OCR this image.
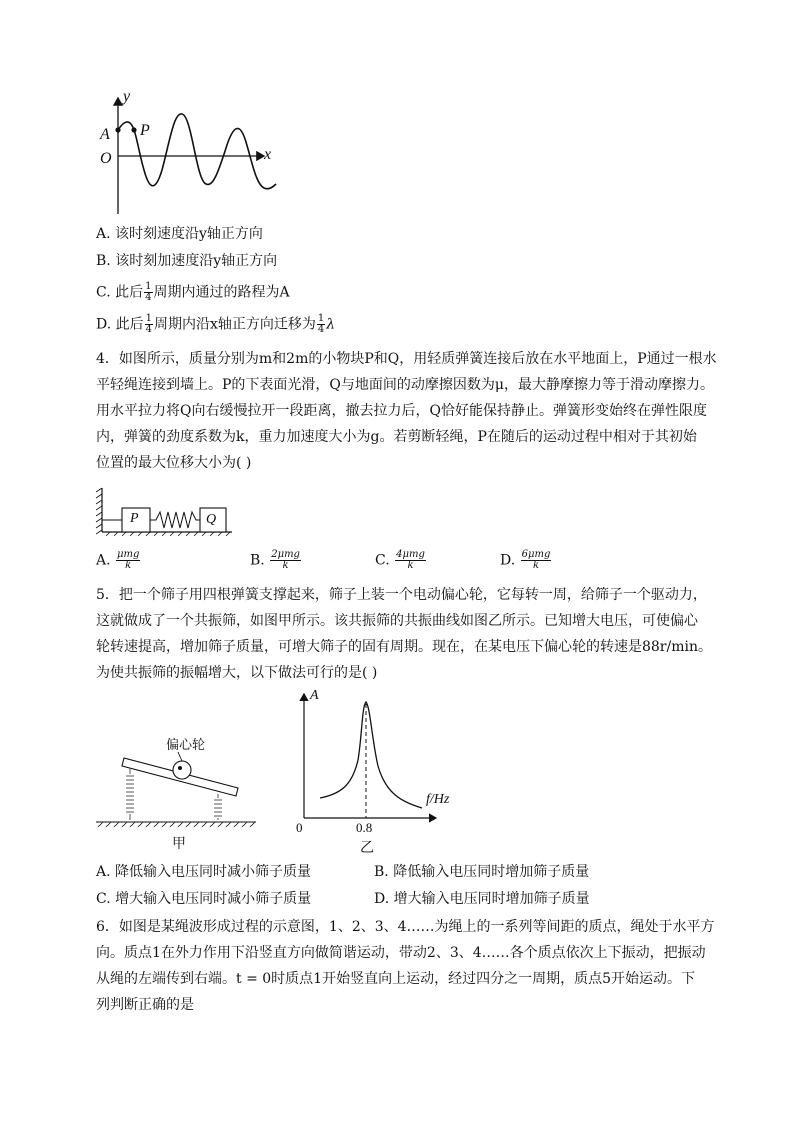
y
x
O
A P
A. 该时刻速度沿y轴正方向
B. 该时刻加速度沿y轴正方向
C. 此后 $\frac{1}{4}$ 周期内通过的路程为A
D. 此后 $\frac{1}{4}$ 周期内沿x轴正方向迁移为 $\frac{1}{4}$ λ
4．如图所示，质量分别为m和2m的小物块P和Q，用轻质弹簧连接后放在水平地面上，P通过一根水
平轻绳连接到墙上。P的下表面光滑，Q与地面间的动摩擦因数为μ，最大静摩擦力等于滑动摩擦力。
用水平拉力将Q向右缓慢拉开一段距离，撤去拉力后，Q恰好能保持静止。弹簧形变始终在弹性限度
内，弹簧的劲度系数为k，重力加速度大小为g。若剪断轻绳，P在随后的运动过程中相对于其初始
位置的最大位移大小为( )
P	Q
A. $\frac{\text{μmg}}{k}$	B. $\frac{\text{2μmg}}{k}$	C. $\frac{\text{4μmg}}{k}$	D. $\frac{\text{6μmg}}{k}$
5．把一个筛子用四根弹簧支撑起来，筛子上装一个电动偏心轮，它每转一周，给筛子一个驱动力，
这就做成了一个共振筛，如图甲所示。该共振筛的共振曲线如图乙所示。已知增大电压，可使偏心
轮转速提高，增加筛子质量，可增大筛子的固有周期。现在，在某电压下偏心轮的转速是88r/min。
为使共振筛的振幅增大，以下做法可行的是( )
偏心轮
甲
A
f/Hz
0	0.8
乙
A. 降低输入电压同时减小筛子质量	B. 降低输入电压同时增加筛子质量
C. 增大输入电压同时减小筛子质量	D. 增大输入电压同时增加筛子质量
6．如图是某绳波形成过程的示意图，1、2、3、4……为绳上的一系列等间距的质点，绳处于水平方
向。质点1在外力作用下沿竖直方向做简谐运动，带动2、3、4……各个质点依次上下振动，把振动
从绳的左端传到右端。t = 0时质点1开始竖直向上运动，经过四分之一周期，质点5开始运动。下
列判断正确的是
